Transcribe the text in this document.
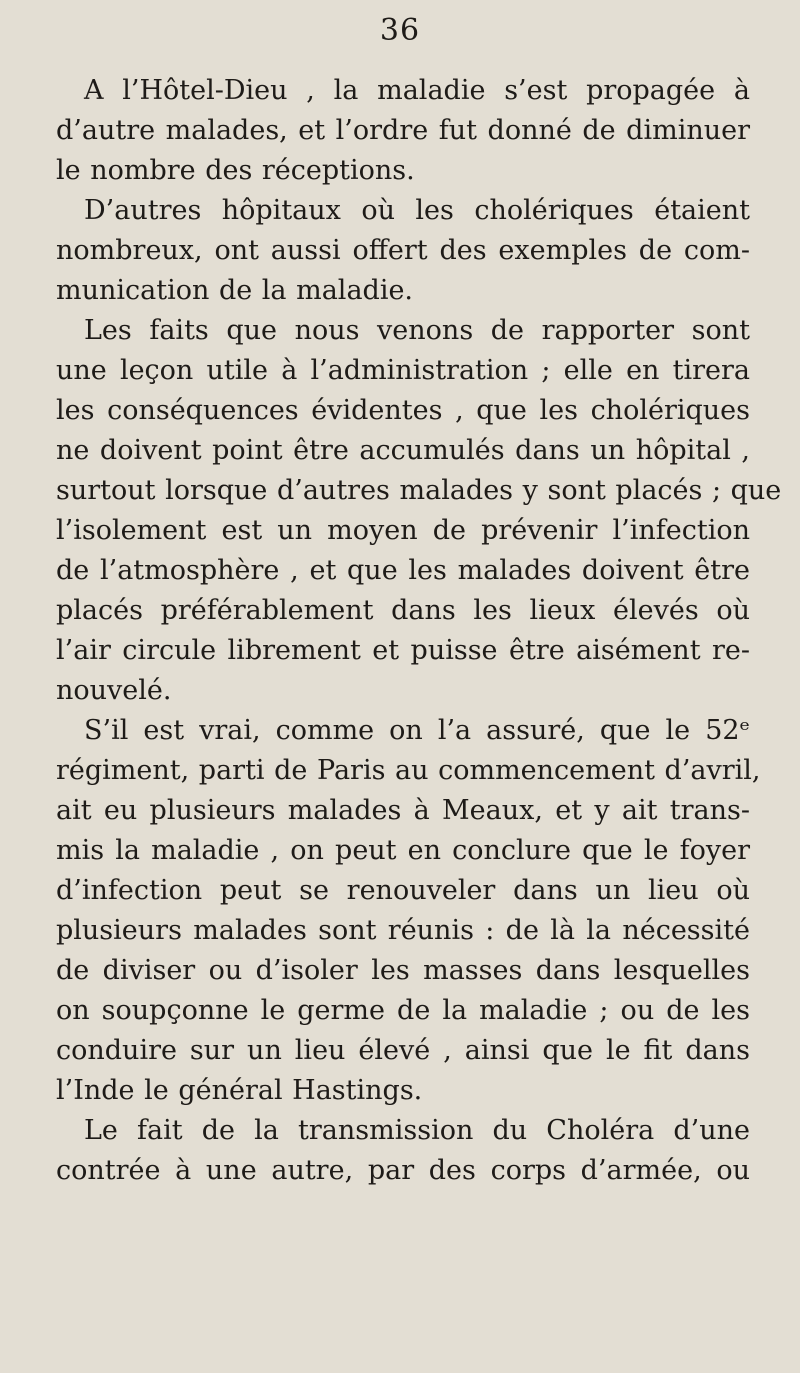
36
A l’Hôtel-Dieu , la maladie s’est propagée à
d’autre malades, et l’ordre fut donné de diminuer
le nombre des réceptions.
D’autres hôpitaux où les cholériques étaient
nombreux, ont aussi offert des exemples de com-
munication de la maladie.
Les faits que nous venons de rapporter sont
une leçon utile à l’administration ; elle en tirera
les conséquences évidentes , que les cholériques
ne doivent point être accumulés dans un hôpital ,
surtout lorsque d’autres malades y sont placés ; que
l’isolement est un moyen de prévenir l’infection
de l’atmosphère , et que les malades doivent être
placés préférablement dans les lieux élevés où
l’air circule librement et puisse être aisément re-
nouvelé.
S’il est vrai, comme on l’a assuré, que le 52ᵉ
régiment, parti de Paris au commencement d’avril,
ait eu plusieurs malades à Meaux, et y ait trans-
mis la maladie , on peut en conclure que le foyer
d’infection peut se renouveler dans un lieu où
plusieurs malades sont réunis : de là la nécessité
de diviser ou d’isoler les masses dans lesquelles
on soupçonne le germe de la maladie ; ou de les
conduire sur un lieu élevé , ainsi que le fit dans
l’Inde le général Hastings.
Le fait de la transmission du Choléra d’une
contrée à une autre, par des corps d’armée, ou
